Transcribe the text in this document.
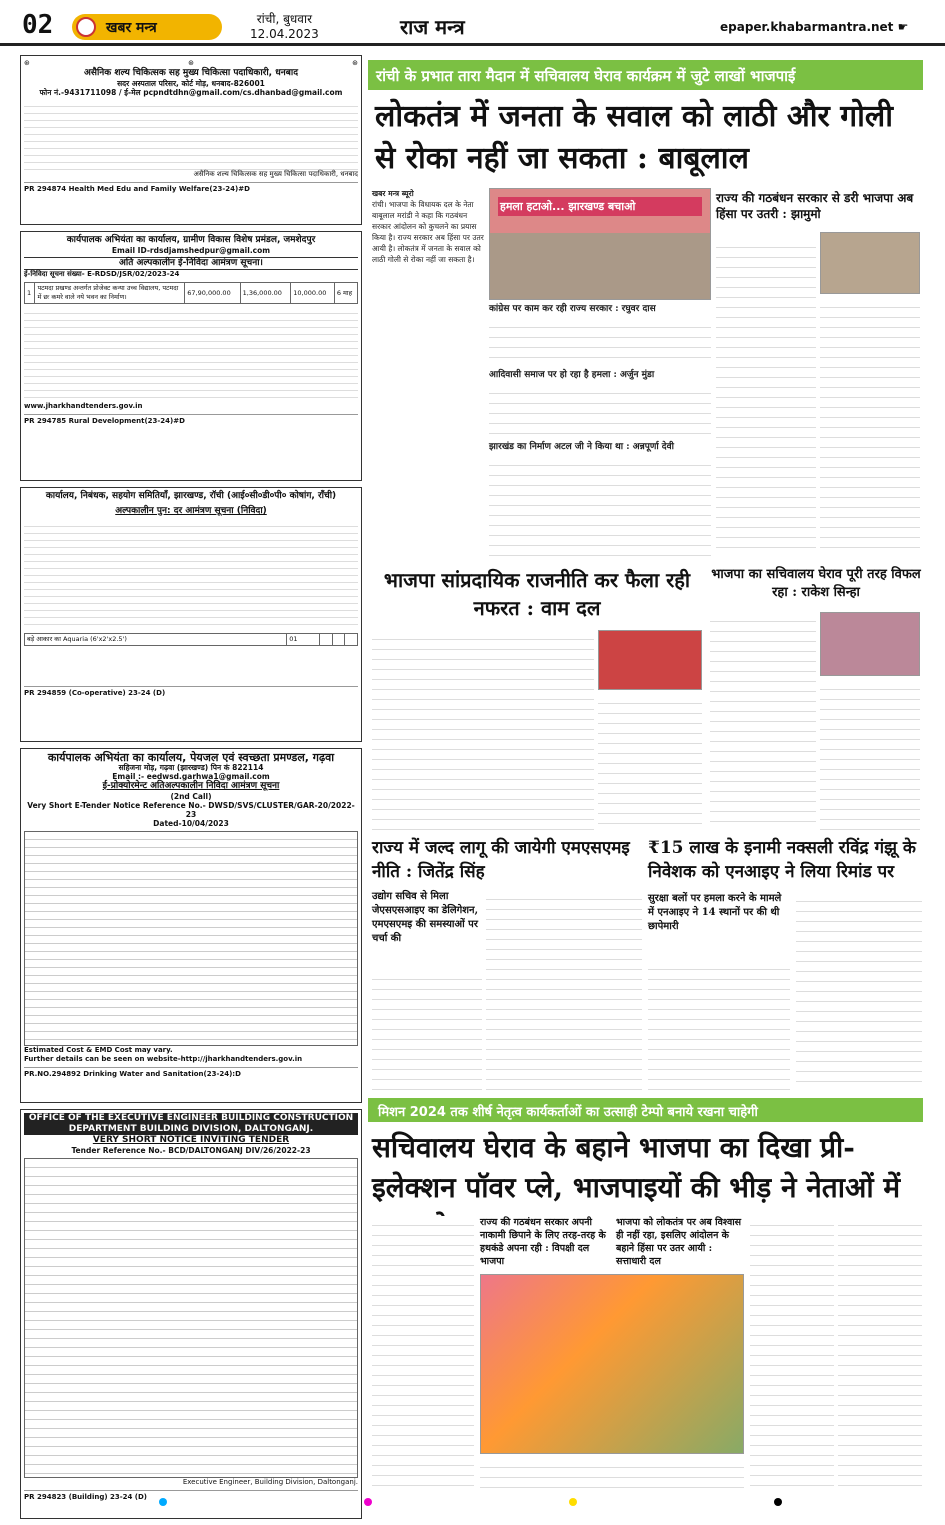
02	खबर मन्त्र
रांची, बुधवार
12.04.2023	राज मन्त्र	epaper.khabarmantra.net ☛
⊛	⊛	⊛
असैनिक शल्य चिकित्सक सह मुख्य चिकित्सा पदाधिकारी, धनबाद
सदर अस्पताल परिसर, कोर्ट मोड़, धनबाद-826001
फोन नं.-9431711098 / ई-मेल pcpndtdhn@gmail.com/cs.dhanbad@gmail.com
असैनिक शल्य चिकित्सक सह मुख्य चिकित्सा पदाधिकारी, धनबाद
PR 294874 Health Med Edu and Family Welfare(23-24)#D
कार्यपालक अभियंता का कार्यालय, ग्रामीण विकास विशेष प्रमंडल, जमशेदपुर
Email ID-rdsdjamshedpur@gmail.com
अति अल्पकालीन ई-निविदा आमंत्रण सूचना।
ई-निविदा सूचना संख्या- E-RDSD/JSR/02/2023-24
1	पटमदा प्रखण्ड अन्तर्गत प्रोजेक्ट कन्या उच्च विद्यालय, पटमदा में छः कमरे वाले नये भवन का निर्माण।	67,90,000.00	1,36,000.00	10,000.00	6 माह
www.jharkhandtenders.gov.in
PR 294785 Rural Development(23-24)#D
कार्यालय, निबंधक, सहयोग समितियाँ, झारखण्ड, रॉची (आई०सी०डी०पी० कोषांग, राँची)
अल्पकालीन पुन: दर आमंत्रण सूचना (निविदा)
बड़े आकार का Aquaria (6'x2'x2.5')	01			
PR 294859 (Co-operative) 23-24 (D)
कार्यपालक अभियंता का कार्यालय, पेयजल एवं स्वच्छता प्रमण्डल, गढ़वा
सहिजना मोड़, गढ़वा (झारखण्ड) पिन कं 822114
Email :- eedwsd.garhwa1@gmail.com
ई-प्रोक्योरमेन्ट अतिअल्पकालीन निविदा आमंत्रण सूचना
(2nd Call)
Very Short E-Tender Notice Reference No.- DWSD/SVS/CLUSTER/GAR-20/2022-23
Dated-10/04/2023
Estimated Cost & EMD Cost may vary.
Further details can be seen on website-http://jharkhandtenders.gov.in
PR.NO.294892 Drinking Water and Sanitation(23-24):D
OFFICE OF THE EXECUTIVE ENGINEER BUILDING CONSTRUCTION DEPARTMENT BUILDING DIVISION, DALTONGANJ.
VERY SHORT NOTICE INVITING TENDER
Tender Reference No.- BCD/DALTONGANJ DIV/26/2022-23
Executive Engineer, Building Division, Daltonganj.
PR 294823 (Building) 23-24 (D)
रांची के प्रभात तारा मैदान में सचिवालय घेराव कार्यक्रम में जुटे लाखों भाजपाई
लोकतंत्र में जनता के सवाल को लाठी और गोली से रोका नहीं जा सकता : बाबूलाल
खबर मन्त्र ब्यूरो
रांची। भाजपा के विधायक दल के नेता बाबूलाल मरांडी ने कहा कि गठबंधन सरकार आंदोलन को कुचलने का प्रयास किया है। राज्य सरकार अब हिंसा पर उतर आयी है। लोकतंत्र में जनता के सवाल को लाठी गोली से रोका नहीं जा सकता है।
हमला हटाओ... झारखण्ड बचाओ
कांग्रेस पर काम कर रही राज्य सरकार : रघुवर दास
आदिवासी समाज पर हो रहा है हमला : अर्जुन मुंडा
झारखंड का निर्माण अटल जी ने किया था : अन्नपूर्णा देवी
राज्य की गठबंधन सरकार से डरी भाजपा अब हिंसा पर उतरी : झामुमो
भाजपा सांप्रदायिक राजनीति कर फैला रही नफरत : वाम दल
भाजपा का सचिवालय घेराव पूरी तरह विफल रहा : राकेश सिन्हा
राज्य में जल्द लागू की जायेगी एमएसएमइ नीति : जितेंद्र सिंह
उद्योग सचिव से मिला जेएसएसआइए का डेलिगेशन, एमएसएमइ की समस्याओं पर चर्चा की
₹15 लाख के इनामी नक्सली रविंद्र गंझू के निवेशक को एनआइए ने लिया रिमांड पर
सुरक्षा बलों पर हमला करने के मामले में एनआइए ने 14 स्थानों पर की थी छापेमारी
मिशन 2024 तक शीर्ष नेतृत्व कार्यकर्ताओं का उत्साही टेम्पो बनाये रखना चाहेगी
सचिवालय घेराव के बहाने भाजपा का दिखा प्री-इलेक्शन पॉवर प्ले, भाजपाइयों की भीड़ ने नेताओं में
राज्य की गठबंधन सरकार अपनी नाकामी छिपाने के लिए तरह-तरह के हथकंडे अपना रही : विपक्षी दल भाजपा
भाजपा को लोकतंत्र पर अब विश्वास ही नहीं रहा, इसलिए आंदोलन के बहाने हिंसा पर उतर आयी : सत्ताधारी दल
